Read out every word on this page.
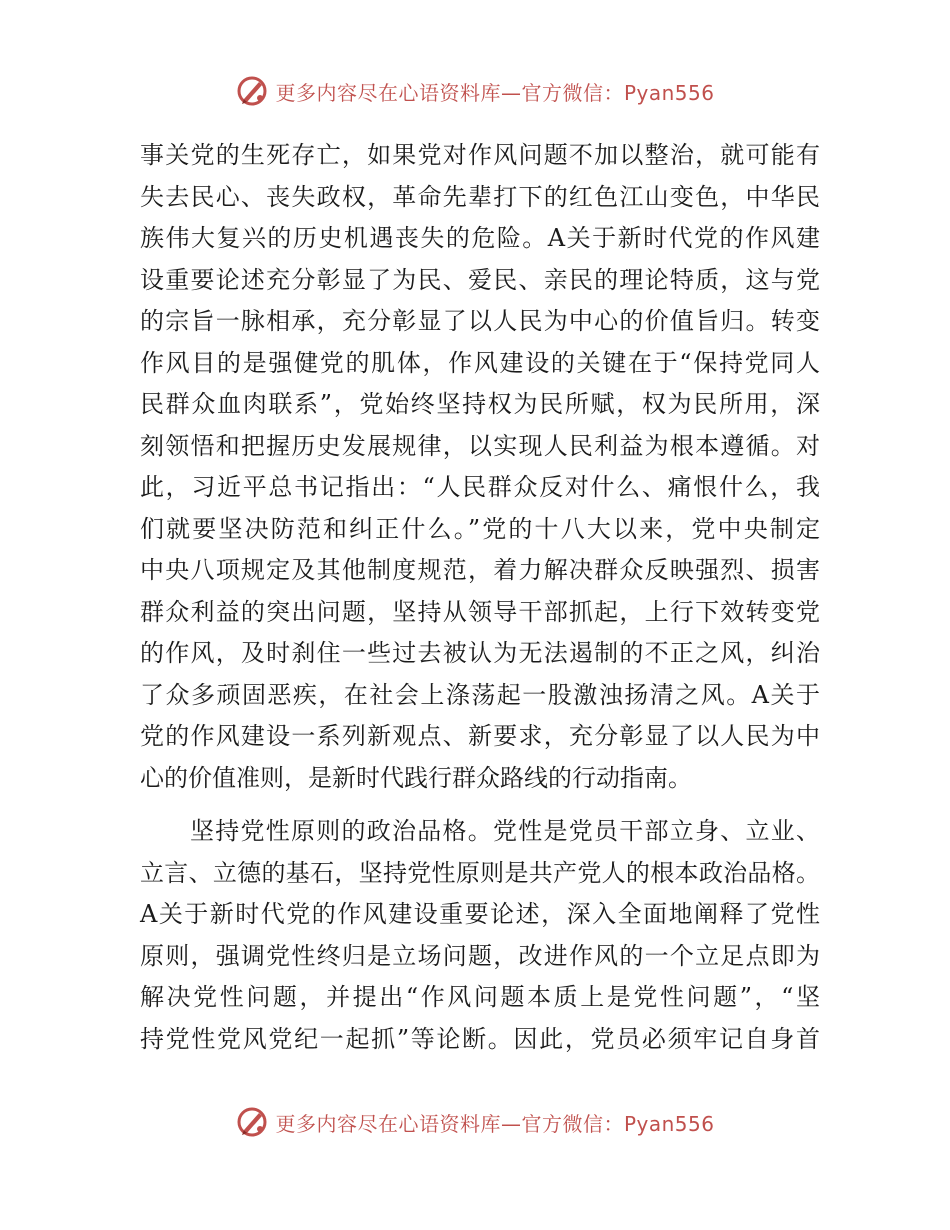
更多内容尽在心语资料库—官方微信：Pyan556
事关党的生死存亡，如果党对作风问题不加以整治，就可能有
失去民心、丧失政权，革命先辈打下的红色江山变色，中华民
族伟大复兴的历史机遇丧失的危险。A关于新时代党的作风建
设重要论述充分彰显了为民、爱民、亲民的理论特质，这与党
的宗旨一脉相承，充分彰显了以人民为中心的价值旨归。转变
作风目的是强健党的肌体，作风建设的关键在于“保持党同人
民群众血肉联系”，党始终坚持权为民所赋，权为民所用，深
刻领悟和把握历史发展规律，以实现人民利益为根本遵循。对
此，习近平总书记指出：“人民群众反对什么、痛恨什么，我
们就要坚决防范和纠正什么。”党的十八大以来，党中央制定
中央八项规定及其他制度规范，着力解决群众反映强烈、损害
群众利益的突出问题，坚持从领导干部抓起，上行下效转变党
的作风，及时刹住一些过去被认为无法遏制的不正之风，纠治
了众多顽固恶疾，在社会上涤荡起一股激浊扬清之风。A关于
党的作风建设一系列新观点、新要求，充分彰显了以人民为中
心的价值准则，是新时代践行群众路线的行动指南。
坚持党性原则的政治品格。党性是党员干部立身、立业、
立言、立德的基石，坚持党性原则是共产党人的根本政治品格。
A关于新时代党的作风建设重要论述，深入全面地阐释了党性
原则，强调党性终归是立场问题，改进作风的一个立足点即为
解决党性问题，并提出“作风问题本质上是党性问题”，“坚
持党性党风党纪一起抓”等论断。因此，党员必须牢记自身首
更多内容尽在心语资料库—官方微信：Pyan556
